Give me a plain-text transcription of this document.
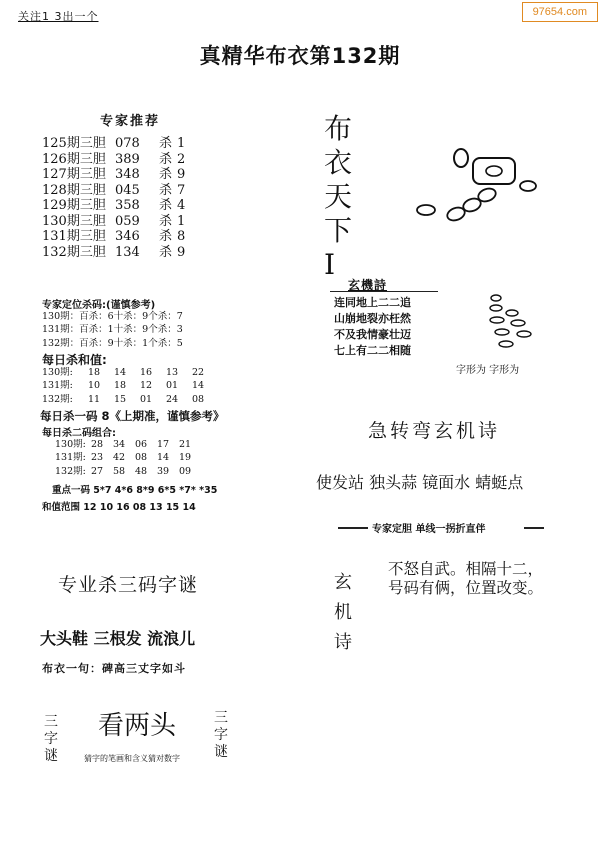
关注1 3出一个	97654.com
真精华布衣第132期
专家推荐
125期三胆 078 杀 1
126期三胆 389 杀 2
127期三胆 348 杀 9
128期三胆 045 杀 7
129期三胆 358 杀 4
130期三胆 059 杀 1
131期三胆 346 杀 8
132期三胆 134 杀 9
专家定位杀码:(谨慎参考)
130期：百杀：6十杀：9个杀：7
131期：百杀：1十杀：9个杀：3
132期：百杀：9十杀：1个杀：5
每日杀和值:
130期: 18 14 16 13 22
131期: 10 18 12 01 14
132期: 11 15 01 24 08
每日杀一码 8《上期准，谨慎参考》
每日杀二码组合:
130期: 28 34 06 17 21
131期: 23 42 08 14 19
132期: 27 58 48 39 09
重点一码 5*7 4*6 8*9 6*5 *7* *35
和值范围 12 10 16 08 13 15 14
专业杀三码字谜
大头鞋 三根发 流浪儿
布衣一句：碑高三丈字如斗
三字谜
看两头
猜字的笔画和含义猜对数字
三字谜
布衣天下I
玄機詩
连同地上二二追
山崩地裂亦枉然
不及我情豪壮迈
七上有二二相随
字形为 字形为
急转弯玄机诗
使发站 独头蒜 镜面水 蜻蜓点
专家定胆 单线一拐折直伴
玄机诗
不怒自武。相隔十二，
号码有俩，位置改变。
